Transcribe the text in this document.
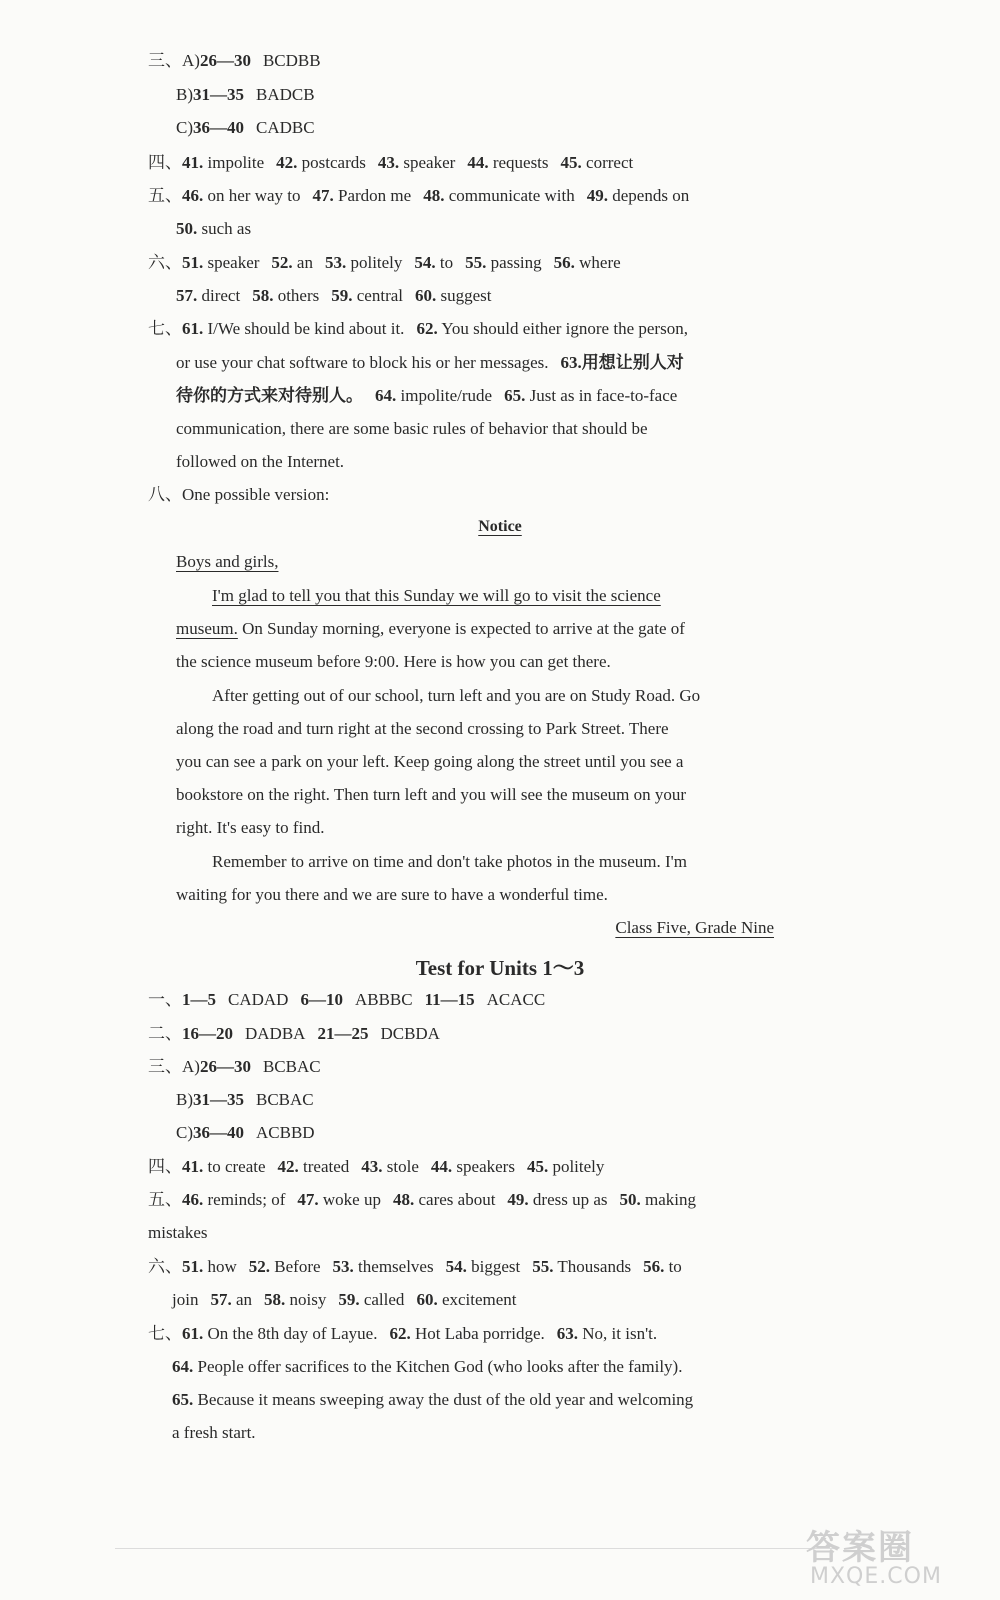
三、A)26—30 BCDBB
B)31—35 BADCB
C)36—40 CADBC
四、41. impolite 42. postcards 43. speaker 44. requests 45. correct
五、46. on her way to 47. Pardon me 48. communicate with 49. depends on
50. such as
六、51. speaker 52. an 53. politely 54. to 55. passing 56. where
57. direct 58. others 59. central 60. suggest
七、61. I/We should be kind about it. 62. You should either ignore the person,
or use your chat software to block his or her messages. 63.用想让别人对
待你的方式来对待别人。 64. impolite/rude 65. Just as in face-to-face
communication, there are some basic rules of behavior that should be
followed on the Internet.
八、One possible version:
Notice
Boys and girls,
I'm glad to tell you that this Sunday we will go to visit the science
museum. On Sunday morning, everyone is expected to arrive at the gate of
the science museum before 9:00. Here is how you can get there.
After getting out of our school, turn left and you are on Study Road. Go
along the road and turn right at the second crossing to Park Street. There
you can see a park on your left. Keep going along the street until you see a
bookstore on the right. Then turn left and you will see the museum on your
right. It's easy to find.
Remember to arrive on time and don't take photos in the museum. I'm
waiting for you there and we are sure to have a wonderful time.
Class Five, Grade Nine
Test for Units 1～3
一、1—5 CADAD 6—10 ABBBC 11—15 ACACC
二、16—20 DADBA 21—25 DCBDA
三、A)26—30 BCBAC
B)31—35 BCBAC
C)36—40 ACBBD
四、41. to create 42. treated 43. stole 44. speakers 45. politely
五、46. reminds; of 47. woke up 48. cares about 49. dress up as 50. making
mistakes
六、51. how 52. Before 53. themselves 54. biggest 55. Thousands 56. to
join 57. an 58. noisy 59. called 60. excitement
七、61. On the 8th day of Layue. 62. Hot Laba porridge. 63. No, it isn't.
64. People offer sacrifices to the Kitchen God (who looks after the family).
65. Because it means sweeping away the dust of the old year and welcoming
a fresh start.
答案圈
MXQE.COM
